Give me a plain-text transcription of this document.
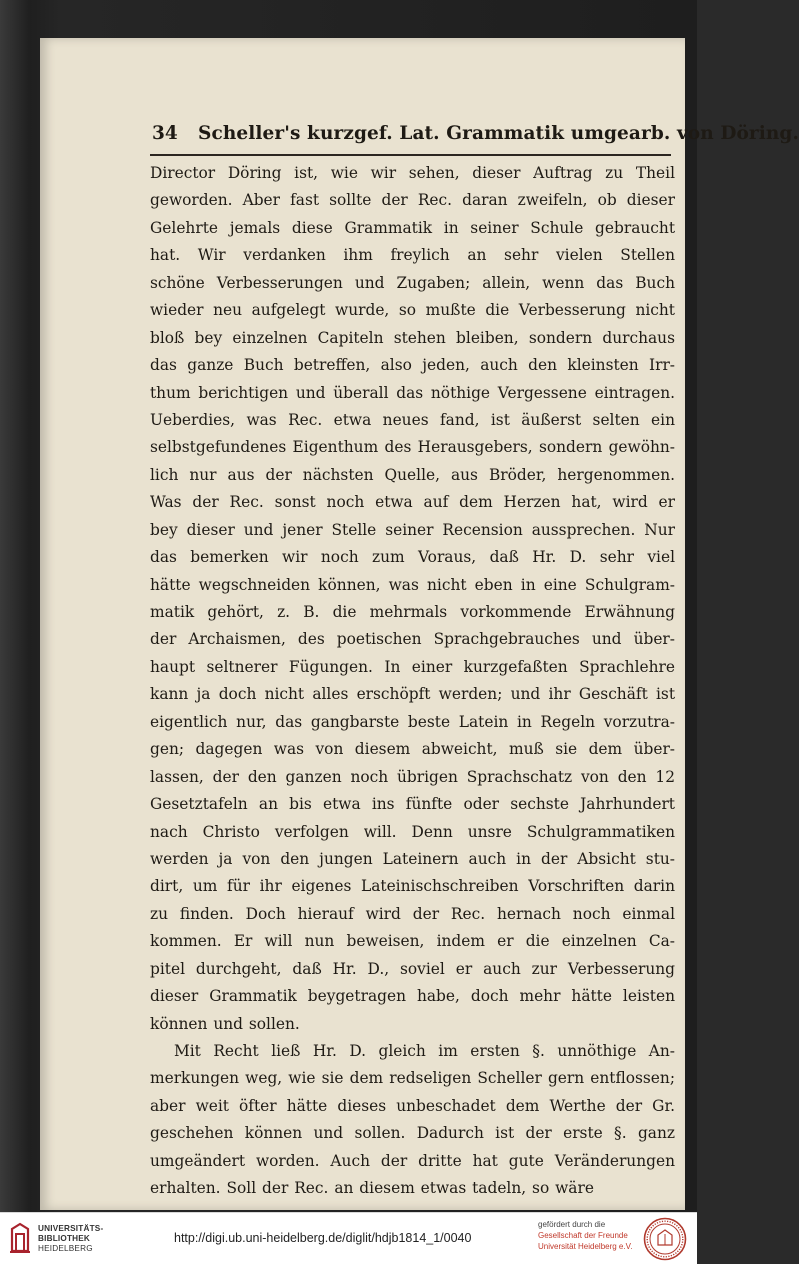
34 Scheller's kurzgef. Lat. Grammatik umgearb. von Döring.
Director Döring ist, wie wir sehen, dieser Auftrag zu Theil
geworden. Aber fast sollte der Rec. daran zweifeln, ob dieser
Gelehrte jemals diese Grammatik in seiner Schule gebraucht
hat. Wir verdanken ihm freylich an sehr vielen Stellen
schöne Verbesserungen und Zugaben; allein, wenn das Buch
wieder neu aufgelegt wurde, so mußte die Verbesserung nicht
bloß bey einzelnen Capiteln stehen bleiben, sondern durchaus
das ganze Buch betreffen, also jeden, auch den kleinsten Irr-
thum berichtigen und überall das nöthige Vergessene eintragen.
Ueberdies, was Rec. etwa neues fand, ist äußerst selten ein
selbstgefundenes Eigenthum des Herausgebers, sondern gewöhn-
lich nur aus der nächsten Quelle, aus Bröder, hergenommen.
Was der Rec. sonst noch etwa auf dem Herzen hat, wird er
bey dieser und jener Stelle seiner Recension aussprechen. Nur
das bemerken wir noch zum Voraus, daß Hr. D. sehr viel
hätte wegschneiden können, was nicht eben in eine Schulgram-
matik gehört, z. B. die mehrmals vorkommende Erwähnung
der Archaismen, des poetischen Sprachgebrauches und über-
haupt seltnerer Fügungen. In einer kurzgefaßten Sprachlehre
kann ja doch nicht alles erschöpft werden; und ihr Geschäft ist
eigentlich nur, das gangbarste beste Latein in Regeln vorzutra-
gen; dagegen was von diesem abweicht, muß sie dem über-
lassen, der den ganzen noch übrigen Sprachschatz von den 12
Gesetztafeln an bis etwa ins fünfte oder sechste Jahrhundert
nach Christo verfolgen will. Denn unsre Schulgrammatiken
werden ja von den jungen Lateinern auch in der Absicht stu-
dirt, um für ihr eigenes Lateinischschreiben Vorschriften darin
zu finden. Doch hierauf wird der Rec. hernach noch einmal
kommen. Er will nun beweisen, indem er die einzelnen Ca-
pitel durchgeht, daß Hr. D., soviel er auch zur Verbesserung
dieser Grammatik beygetragen habe, doch mehr hätte leisten
können und sollen.
Mit Recht ließ Hr. D. gleich im ersten §. unnöthige An-
merkungen weg, wie sie dem redseligen Scheller gern entflossen;
aber weit öfter hätte dieses unbeschadet dem Werthe der Gr.
geschehen können und sollen. Dadurch ist der erste §. ganz
umgeändert worden. Auch der dritte hat gute Veränderungen
erhalten. Soll der Rec. an diesem etwas tadeln, so wäre
UNIVERSITÄTS-
BIBLIOTHEK
HEIDELBERG
http://digi.ub.uni-heidelberg.de/diglit/hdjb1814_1/0040
gefördert durch die
Gesellschaft der Freunde
Universität Heidelberg e.V.
